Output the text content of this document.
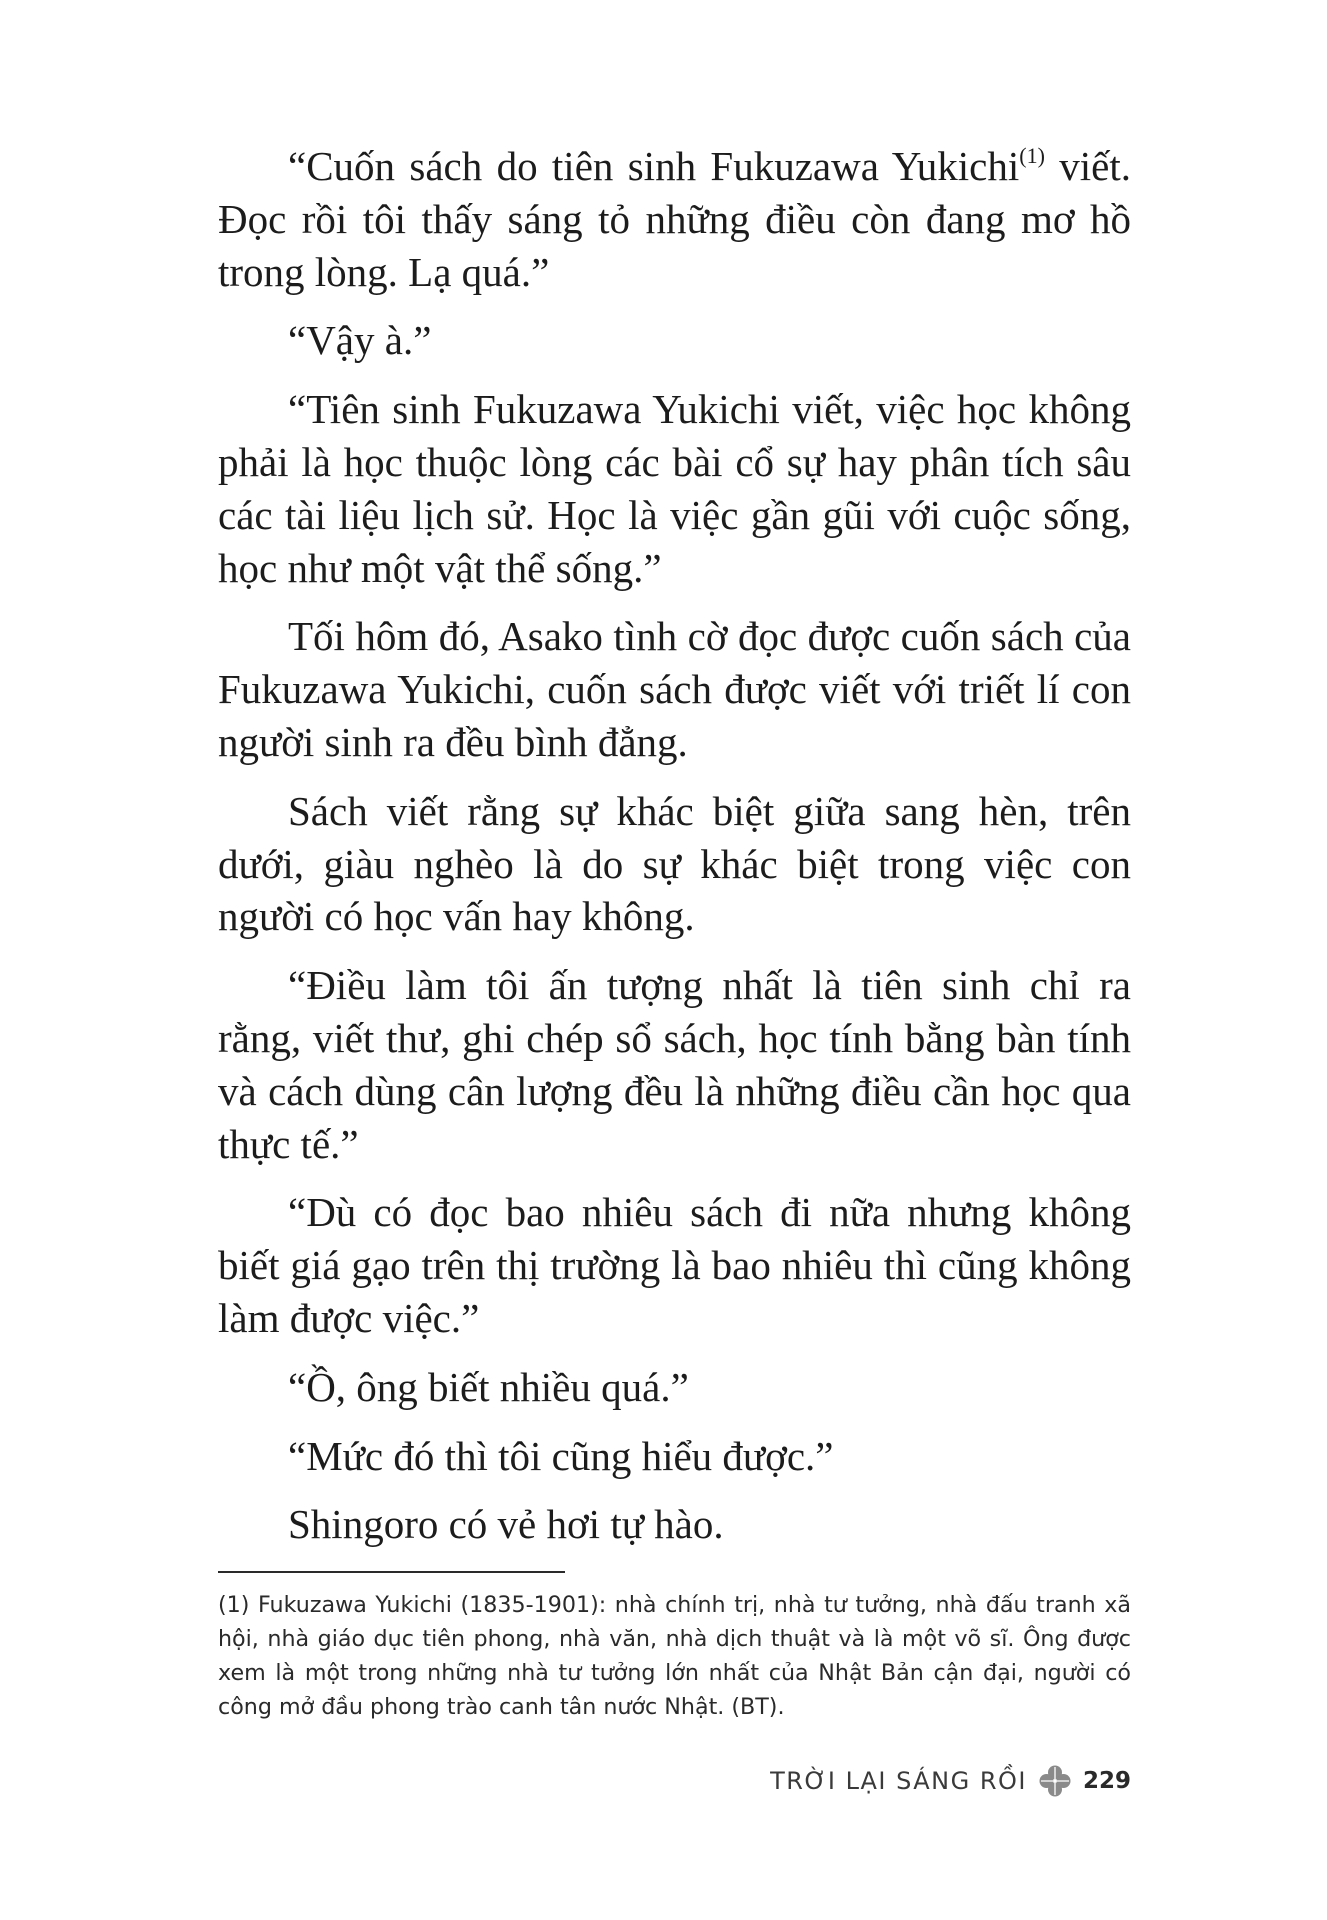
“Cuốn sách do tiên sinh Fukuzawa Yukichi$^{(1)}$ viết. Đọc rồi tôi thấy sáng tỏ những điều còn đang mơ hồ trong lòng. Lạ quá.”

“Vậy à.”

“Tiên sinh Fukuzawa Yukichi viết, việc học không phải là học thuộc lòng các bài cổ sự hay phân tích sâu các tài liệu lịch sử. Học là việc gần gũi với cuộc sống, học như một vật thể sống.”

Tối hôm đó, Asako tình cờ đọc được cuốn sách của Fukuzawa Yukichi, cuốn sách được viết với triết lí con người sinh ra đều bình đẳng.

Sách viết rằng sự khác biệt giữa sang hèn, trên dưới, giàu nghèo là do sự khác biệt trong việc con người có học vấn hay không.

“Điều làm tôi ấn tượng nhất là tiên sinh chỉ ra rằng, viết thư, ghi chép sổ sách, học tính bằng bàn tính và cách dùng cân lượng đều là những điều cần học qua thực tế.”

“Dù có đọc bao nhiêu sách đi nữa nhưng không biết giá gạo trên thị trường là bao nhiêu thì cũng không làm được việc.”

“Ồ, ông biết nhiều quá.”

“Mức đó thì tôi cũng hiểu được.”

Shingoro có vẻ hơi tự hào.

(1) Fukuzawa Yukichi (1835-1901): nhà chính trị, nhà tư tưởng, nhà đấu tranh xã hội, nhà giáo dục tiên phong, nhà văn, nhà dịch thuật và là một võ sĩ. Ông được xem là một trong những nhà tư tưởng lớn nhất của Nhật Bản cận đại, người có công mở đầu phong trào canh tân nước Nhật. (BT).

TRỜI LẠI SÁNG RỒI 229
